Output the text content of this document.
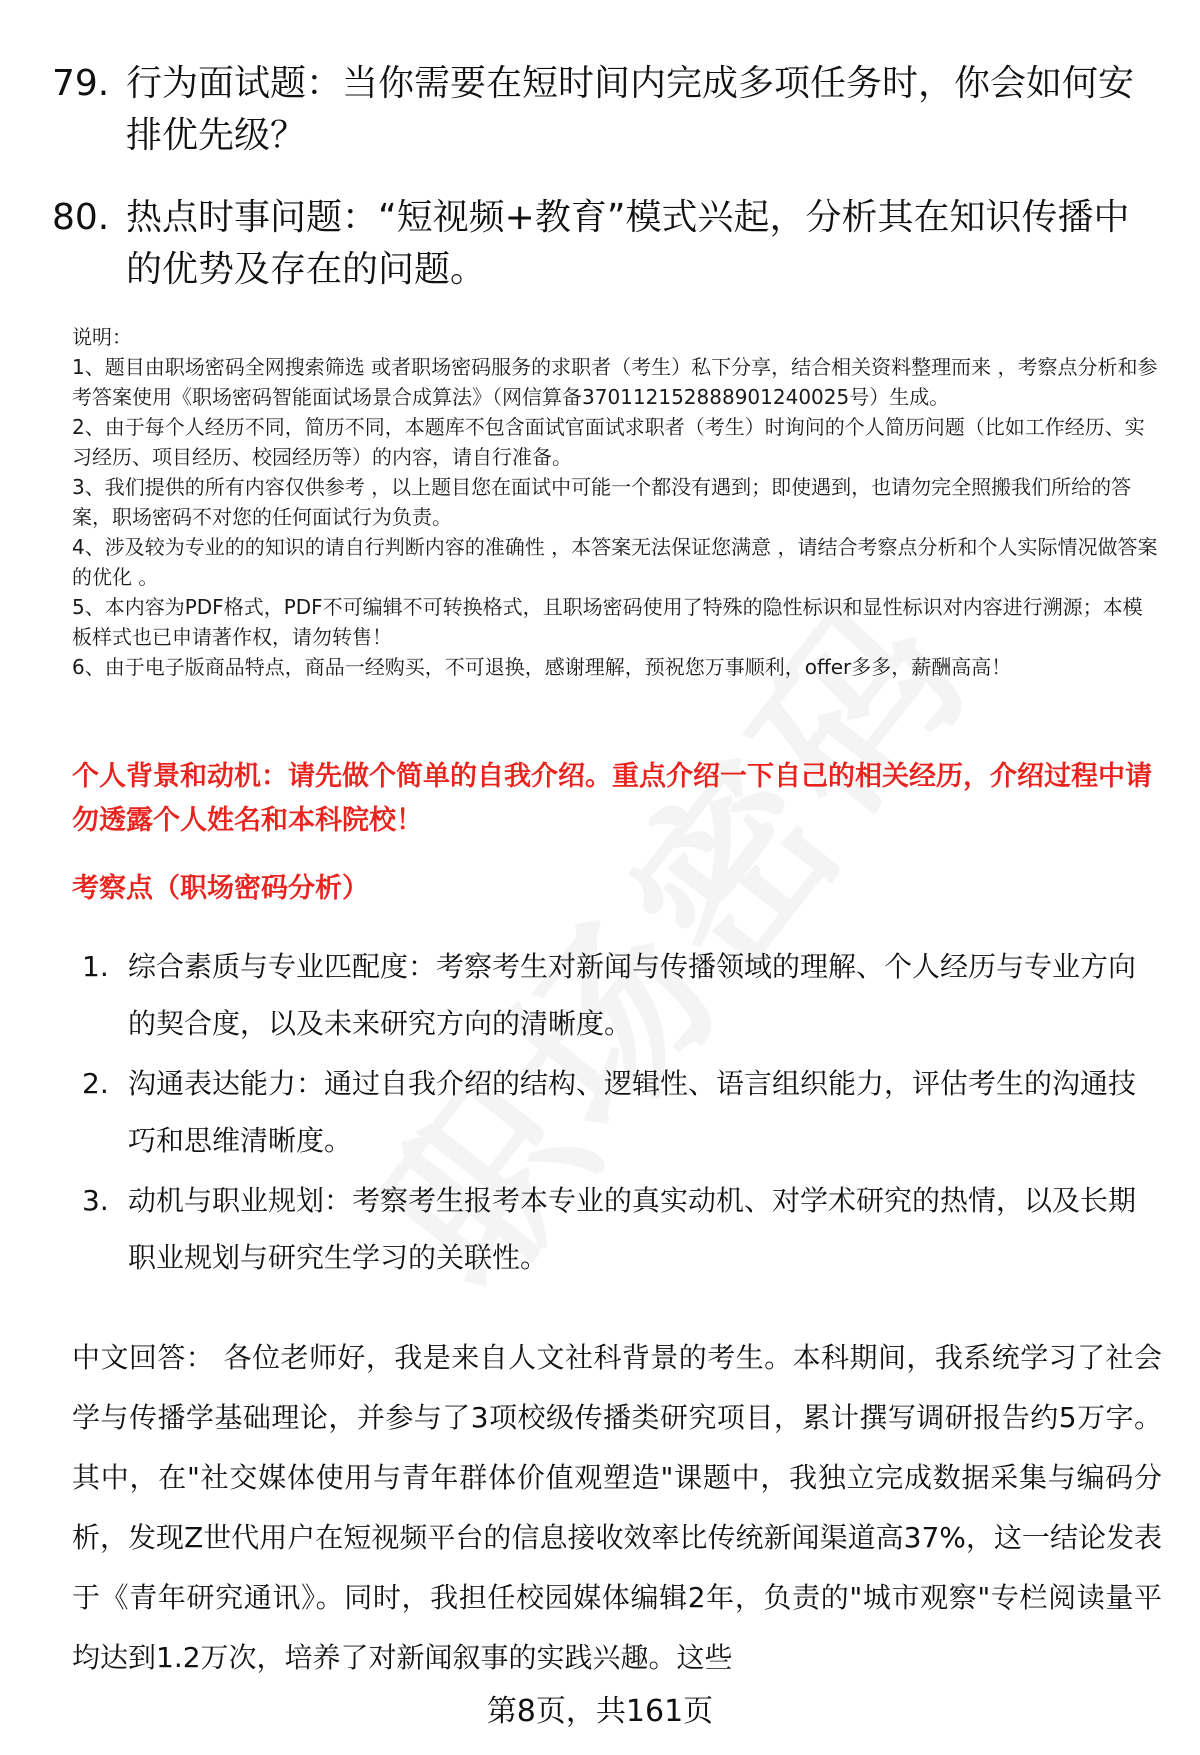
79. 行为面试题：当你需要在短时间内完成多项任务时，你会如何安排优先级？
80. 热点时事问题：“短视频+教育”模式兴起，分析其在知识传播中的优势及存在的问题。

说明：

1、题目由职场密码全网搜索筛选 或者职场密码服务的求职者（考生）私下分享，结合相关资料整理而来 ，考察点分析和参考答案使用《职场密码智能面试场景合成算法》（网信算备370112152888901240025号）生成。

2、由于每个人经历不同，简历不同，本题库不包含面试官面试求职者（考生）时询问的个人简历问题（比如工作经历、实习经历、项目经历、校园经历等）的内容，请自行准备。

3、我们提供的所有内容仅供参考 ，以上题目您在面试中可能一个都没有遇到；即使遇到，也请勿完全照搬我们所给的答案，职场密码不对您的任何面试行为负责。

4、涉及较为专业的的知识的请自行判断内容的准确性 ，本答案无法保证您满意 ，请结合考察点分析和个人实际情况做答案的优化 。

5、本内容为PDF格式，PDF不可编辑不可转换格式，且职场密码使用了特殊的隐性标识和显性标识对内容进行溯源；本模板样式也已申请著作权，请勿转售！

6、由于电子版商品特点，商品一经购买，不可退换，感谢理解，预祝您万事顺利，offer多多，薪酬高高！

个人背景和动机：请先做个简单的自我介绍。重点介绍一下自己的相关经历，介绍过程中请勿透露个人姓名和本科院校！
考察点（职场密码分析）
1. 综合素质与专业匹配度：考察考生对新闻与传播领域的理解、个人经历与专业方向的契合度，以及未来研究方向的清晰度。
2. 沟通表达能力：通过自我介绍的结构、逻辑性、语言组织能力，评估考生的沟通技巧和思维清晰度。
3. 动机与职业规划：考察考生报考本专业的真实动机、对学术研究的热情，以及长期职业规划与研究生学习的关联性。
中文回答： 各位老师好，我是来自人文社科背景的考生。本科期间，我系统学习了社会学与传播学基础理论，并参与了3项校级传播类研究项目，累计撰写调研报告约5万字。其中，在"社交媒体使用与青年群体价值观塑造"课题中，我独立完成数据采集与编码分析，发现Z世代用户在短视频平台的信息接收效率比传统新闻渠道高37%，这一结论发表于《青年研究通讯》。同时，我担任校园媒体编辑2年，负责的"城市观察"专栏阅读量平均达到1.2万次，培养了对新闻叙事的实践兴趣。这些
第8页，共161页
